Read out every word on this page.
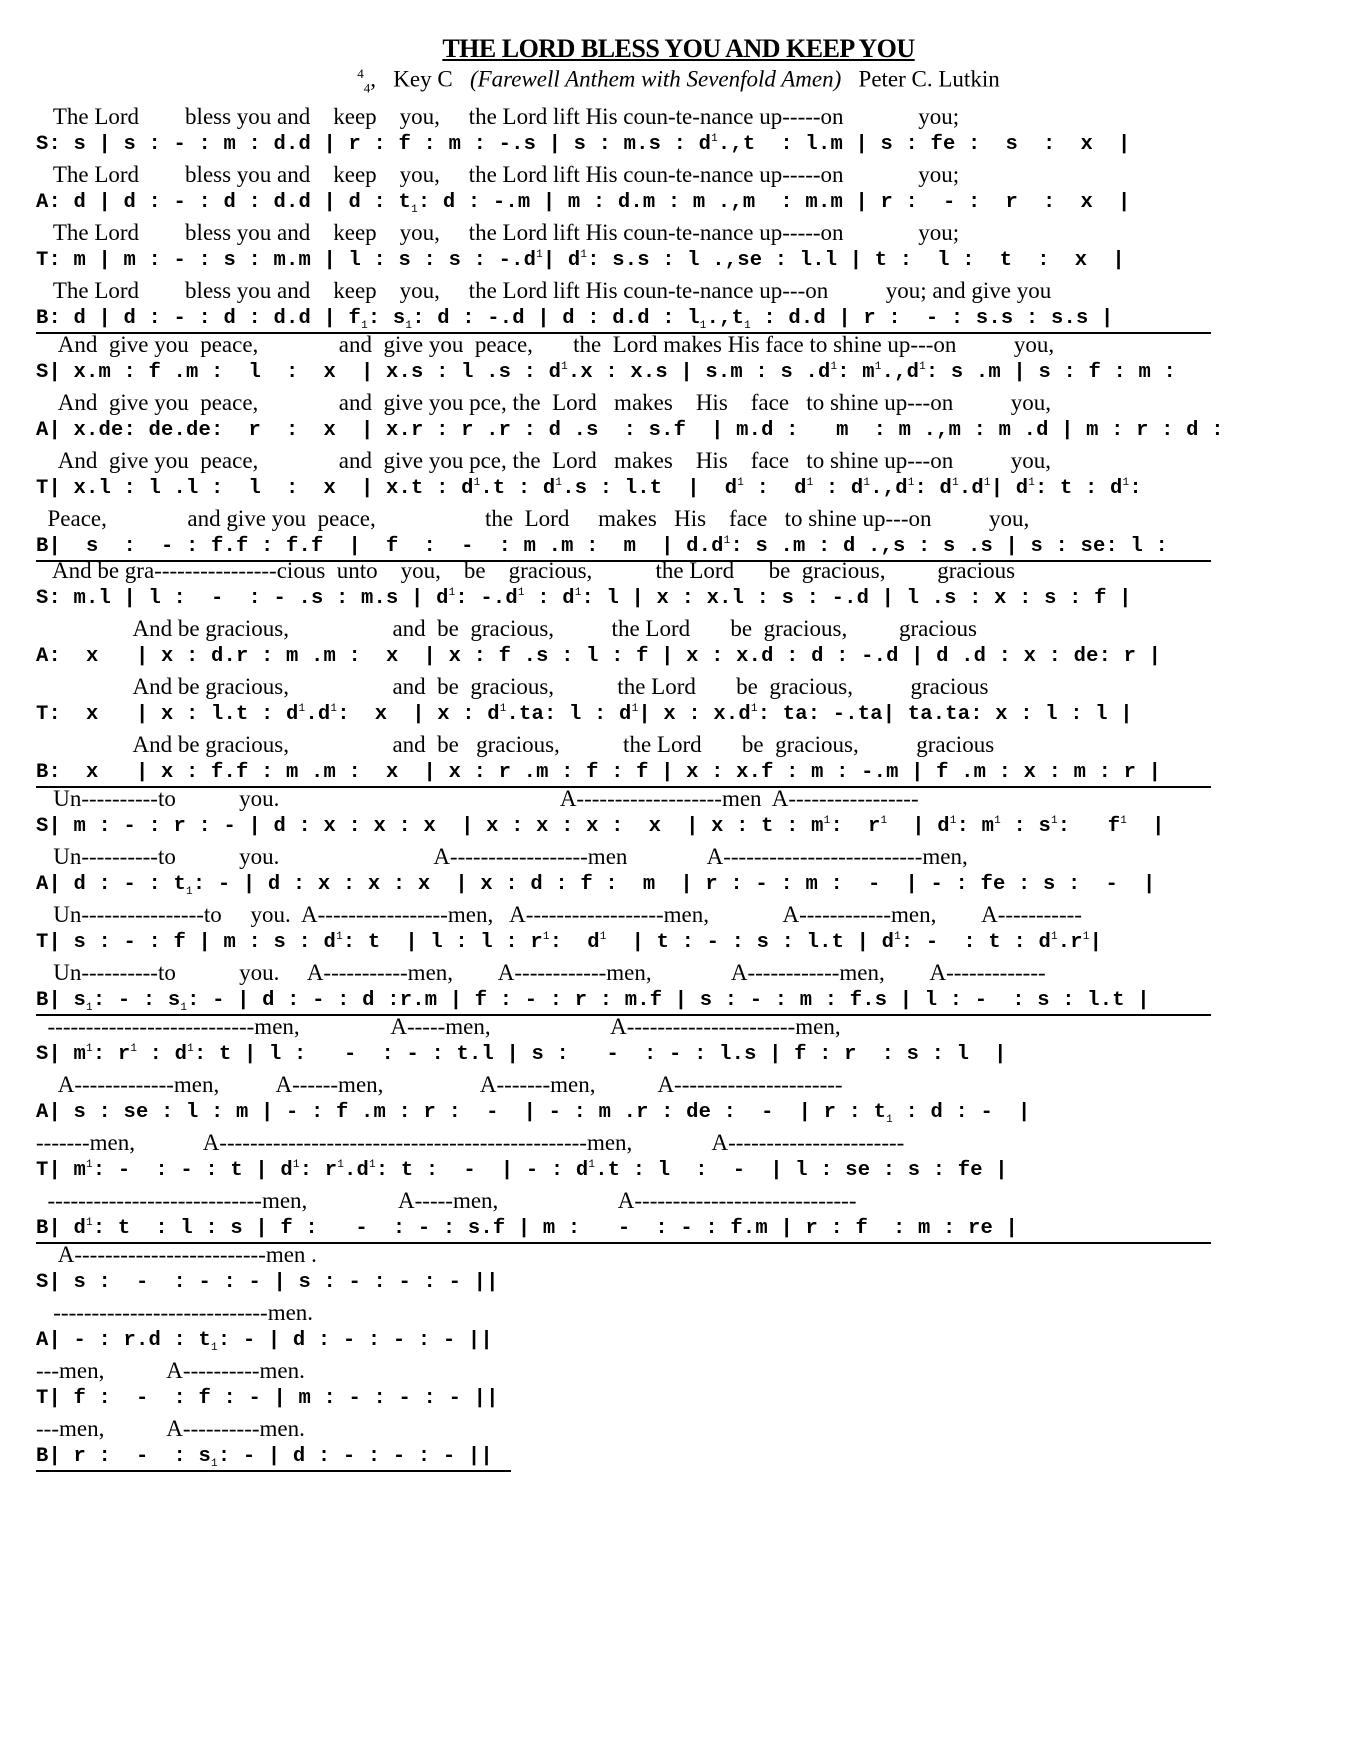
THE LORD BLESS YOU AND KEEP YOU
$^4_4$,   Key C   (Farewell Anthem with Sevenfold Amen)   Peter C. Lutkin
The Lord        bless you and    keep    you,     the Lord lift His coun-te-nance up-----on             you;
S: s | s : - : m : d.d | r : f : m : -.s | s : m.s : $d^1.,t$  : l.m | s : fe :  s  :  x  |
The Lord        bless you and    keep    you,     the Lord lift His coun-te-nance up-----on             you;
A: d | d : - : d : d.d | d : $t_1$: d : -.m | m : d.m : m .,m  : m.m | r :  - :  r  :  x  |
The Lord        bless you and    keep    you,     the Lord lift His coun-te-nance up-----on             you;
T: m | m : - : s : m.m | l : s : s : $-.d^1|$ $d^1$: s.s : l .,se : l.l | t :  l :  t  :  x  |
The Lord        bless you and    keep    you,     the Lord lift His coun-te-nance up---on          you; and give you
B: d | d : - : d : d.d | $f_1$: $s_1$: d : -.d | d : d.d : $l_1.,t_1$ : d.d | r :  - : s.s : s.s |
And  give you  peace,              and  give you  peace,       the  Lord makes His face to shine up---on          you,
S| x.m : f .m :  l  :  x  | x.s : l .s : $d^1.x$ : x.s | s.m : s $.d^1$: $m^1.,d^1$: s .m | s : f : m :
And  give you  peace,              and  give you pce, the  Lord   makes    His    face   to shine up---on          you,
A| x.de: de.de:  r  :  x  | x.r : r .r : d .s  : s.f  | m.d :   m  : m .,m : m .d | m : r : d :
And  give you  peace,              and  give you pce, the  Lord   makes    His    face   to shine up---on          you,
T| x.l : l .l :  l  :  x  | x.t : $d^1.t$ : $d^1.s$ : l.t  |  $d^1$ :  $d^1$ : $d^1.,d^1$: $d^1.d^1|$ $d^1$: t : $d^1$:
Peace,              and give you  peace,                   the  Lord     makes   His    face   to shine up---on          you,
B|  s  :  - : f.f : f.f  |  f  :  -  : m .m :  m  | $d.d^1$: s .m : d .,s : s .s | s : se: l :
And be gra----------------cious  unto    you,    be    gracious,           the Lord      be  gracious,         gracious
S: m.l | l :  -  : - .s : m.s | $d^1$: $-.d^1$ : $d^1$: l | x : x.l : s : -.d | l .s : x : s : f |
And be gracious,                  and  be  gracious,          the Lord       be  gracious,         gracious
A:  x   | x : d.r : m .m :  x  | x : f .s : l : f | x : x.d : d : -.d | d .d : x : de: r |
And be gracious,                  and  be  gracious,           the Lord       be  gracious,          gracious
T:  x   | x : l.t : $d^1.d^1$:  x  | x : $d^1.ta$: l : $d^1|$ x : $x.d^1$: ta: -.ta| ta.ta: x : l : l |
And be gracious,                  and  be   gracious,           the Lord       be  gracious,          gracious
B:  x   | x : f.f : m .m :  x  | x : r .m : f : f | x : x.f : m : -.m | f .m : x : m : r |
Un----------to           you.                                                 A-------------------men  A-----------------
S| m : - : r : - | d : x : x : x  | x : x : x :  x  | x : t : $m^1$:  $r^1$  | $d^1$: $m^1$ : $s^1$:   $f^1$  |
Un----------to           you.                           A------------------men              A--------------------------men,
A| d : - : $t_1$: - | d : x : x : x  | x : d : f :  m  | r : - : m :  -  | - : fe : s :  -  |
Un----------------to     you.  A-----------------men,   A------------------men,             A------------men,        A-----------
T| s : - : f | m : s : $d^1$: t  | l : l : $r^1$:  $d^1$  | t : - : s : l.t | $d^1$: -  : t : $d^1.r^1|$
Un----------to           you.     A-----------men,        A------------men,              A------------men,        A-------------
B| $s_1$: - : $s_1$: - | d : - : d :r.m | f : - : r : m.f | s : - : m : f.s | l : -  : s : l.t |
---------------------------men,                A-----men,                     A----------------------men,
S| $m^1$: $r^1$ : $d^1$: t | l :   -  : - : t.l | s :   -  : - : l.s | f : r  : s : l  |
A-------------men,          A------men,                 A-------men,           A----------------------
A| s : se : l : m | - : f .m : r :  -  | - : m .r : de :  -  | r : $t_1$ : d : -  |
-------men,            A------------------------------------------------men,              A-----------------------
T| $m^1$: -  : - : t | $d^1$: $r^1.d^1$: t :  -  | - : $d^1.t$ : l  :  -  | l : se : s : fe |
----------------------------men,                A-----men,                     A-----------------------------
B| $d^1$: t  : l : s | f :   -  : - : s.f | m :   -  : - : f.m | r : f  : m : re |
A-------------------------men .
S| s :  -  : - : - | s : - : - : - ||
----------------------------men.
A| - : r.d : $t_1$: - | d : - : - : - ||
---men,           A----------men.
T| f :  -  : f : - | m : - : - : - ||
---men,           A----------men.
B| r :  -  : $s_1$: - | d : - : - : - ||
